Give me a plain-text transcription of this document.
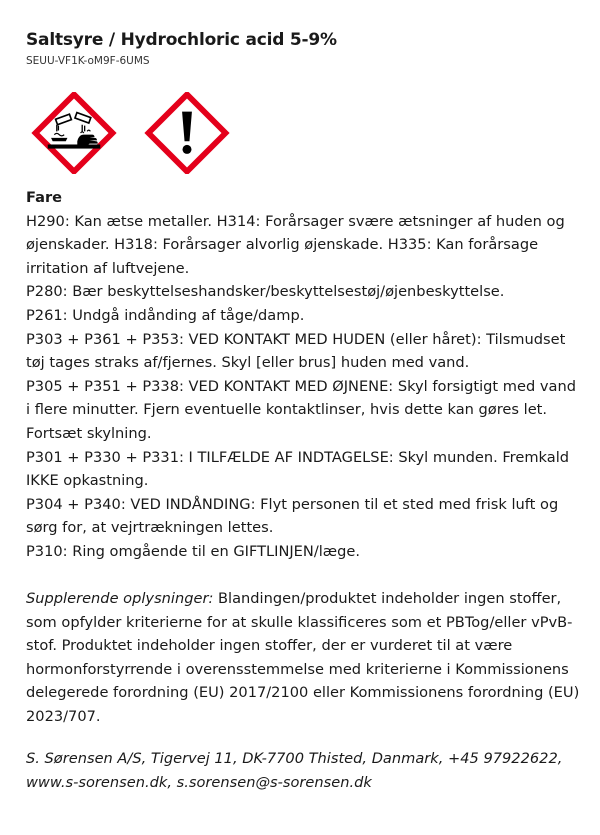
Saltsyre / Hydrochloric acid 5-9%
SEUU-VF1K-oM9F-6UMS

Fare
H290: Kan ætse metaller. H314: Forårsager svære ætsninger af huden og øjenskader. H318: Forårsager alvorlig øjenskade. H335: Kan forårsage irritation af luftvejene.
P280: Bær beskyttelseshandsker/beskyttelsestøj/øjenbeskyttelse.
P261: Undgå indånding af tåge/damp.
P303 + P361 + P353: VED KONTAKT MED HUDEN (eller håret): Tilsmudset tøj tages straks af/fjernes. Skyl [eller brus] huden med vand.
P305 + P351 + P338: VED KONTAKT MED ØJNENE: Skyl forsigtigt med vand i flere minutter. Fjern eventuelle kontaktlinser, hvis dette kan gøres let. Fortsæt skylning.
P301 + P330 + P331: I TILFÆLDE AF INDTAGELSE: Skyl munden. Fremkald IKKE opkastning.
P304 + P340: VED INDÅNDING: Flyt personen til et sted med frisk luft og sørg for, at vejrtrækningen lettes.
P310: Ring omgående til en GIFTLINJEN/læge.
Supplerende oplysninger: Blandingen/produktet indeholder ingen stoffer, som opfylder kriterierne for at skulle klassificeres som et PBTog/eller vPvB-stof. Produktet indeholder ingen stoffer, der er vurderet til at være hormonforstyrrende i overensstemmelse med kriterierne i Kommissionens delegerede forordning (EU) 2017/2100 eller Kommissionens forordning (EU) 2023/707.
S. Sørensen A/S, Tigervej 11, DK-7700 Thisted, Danmark, +45 97922622, www.s-sorensen.dk, s.sorensen@s-sorensen.dk
